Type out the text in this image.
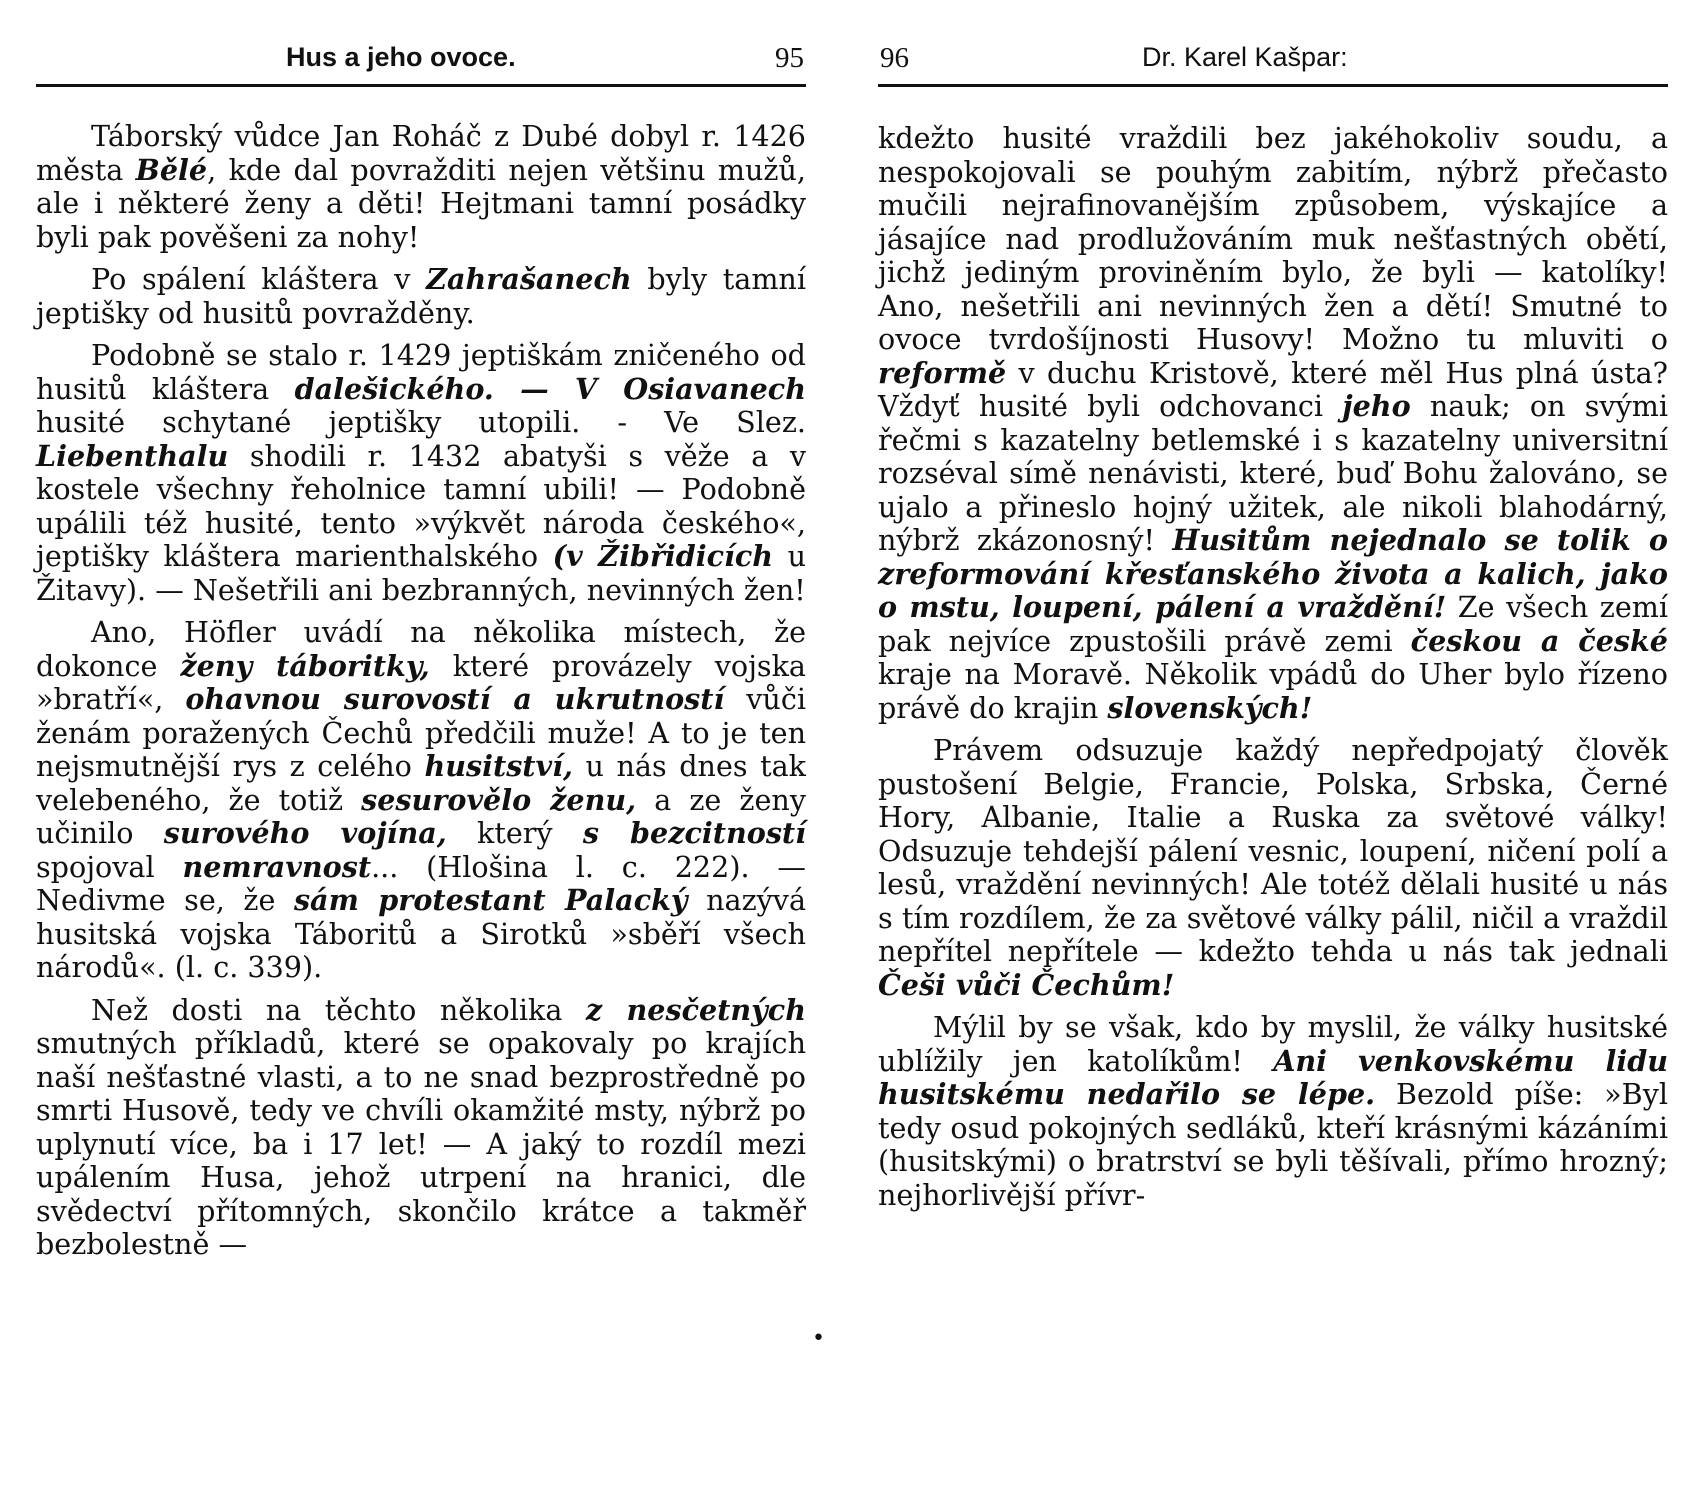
Hus a jeho ovoce.	95

Táborský vůdce Jan Roháč z Dubé dobyl r. 1426 města Bělé, kde dal povražditi nejen většinu mužů, ale i některé ženy a děti! Hejtmani tamní posádky byli pak pověšeni za nohy!

Po spálení kláštera v Zahrašanech byly tamní jeptišky od husitů povražděny.

Podobně se stalo r. 1429 jeptiškám zničeného od husitů kláštera dalešického. — V Osiavanech husité schytané jeptišky utopili. - Ve Slez. Liebenthalu shodili r. 1432 abatyši s věže a v kostele všechny řeholnice tamní ubili! — Podobně upálili též husité, tento »výkvět národa českého«, jeptišky kláštera marienthalského (v Žibřidicích u Žitavy). — Nešetřili ani bezbranných, nevinných žen!

Ano, Höfler uvádí na několika místech, že dokonce ženy táboritky, které provázely vojska »bratří«, ohavnou surovostí a ukrutností vůči ženám poražených Čechů předčili muže! A to je ten nejsmutnější rys z celého husitství, u nás dnes tak velebeného, že totiž sesurovělo ženu, a ze ženy učinilo surového vojína, který s bezcitností spojoval nemravnost... (Hlošina l. c. 222). — Nedivme se, že sám protestant Palacký nazývá husitská vojska Táboritů a Sirotků »sběří všech národů«. (l. c. 339).

Než dosti na těchto několika z nesčetných smutných příkladů, které se opakovaly po krajích naší nešťastné vlasti, a to ne snad bezprostředně po smrti Husově, tedy ve chvíli okamžité msty, nýbrž po uplynutí více, ba i 17 let! — A jaký to rozdíl mezi upálením Husa, jehož utrpení na hranici, dle svědectví přítomných, skončilo krátce a takměř bezbolestně —

•
96	Dr. Karel Kašpar:

kdežto husité vraždili bez jakéhokoliv soudu, a nespokojovali se pouhým zabitím, nýbrž přečasto mučili nejrafinovanějším způsobem, výskajíce a jásajíce nad prodlužováním muk nešťastných obětí, jichž jediným proviněním bylo, že byli — katolíky! Ano, nešetřili ani nevinných žen a dětí! Smutné to ovoce tvrdošíjnosti Husovy! Možno tu mluviti o reformě v duchu Kristově, které měl Hus plná ústa? Vždyť husité byli odchovanci jeho nauk; on svými řečmi s kazatelny betlemské i s kazatelny universitní rozséval símě nenávisti, které, buď Bohu žalováno, se ujalo a přineslo hojný užitek, ale nikoli blahodárný, nýbrž zkázonosný! Husitům nejednalo se tolik o zreformování křesťanského života a kalich, jako o mstu, loupení, pálení a vraždění! Ze všech zemí pak nejvíce zpustošili právě zemi českou a české kraje na Moravě. Několik vpádů do Uher bylo řízeno právě do krajin slovenských!

Právem odsuzuje každý nepředpojatý člověk pustošení Belgie, Francie, Polska, Srbska, Černé Hory, Albanie, Italie a Ruska za světové války! Odsuzuje tehdejší pálení vesnic, loupení, ničení polí a lesů, vraždění nevinných! Ale totéž dělali husité u nás s tím rozdílem, že za světové války pálil, ničil a vraždil nepřítel nepřítele — kdežto tehda u nás tak jednali Češi vůči Čechům!

Mýlil by se však, kdo by myslil, že války husitské ublížily jen katolíkům! Ani venkovskému lidu husitskému nedařilo se lépe. Bezold píše: »Byl tedy osud pokojných sedláků, kteří krásnými kázáními (husitskými) o bratrství se byli těšívali, přímo hrozný; nejhorlivější přívr-
